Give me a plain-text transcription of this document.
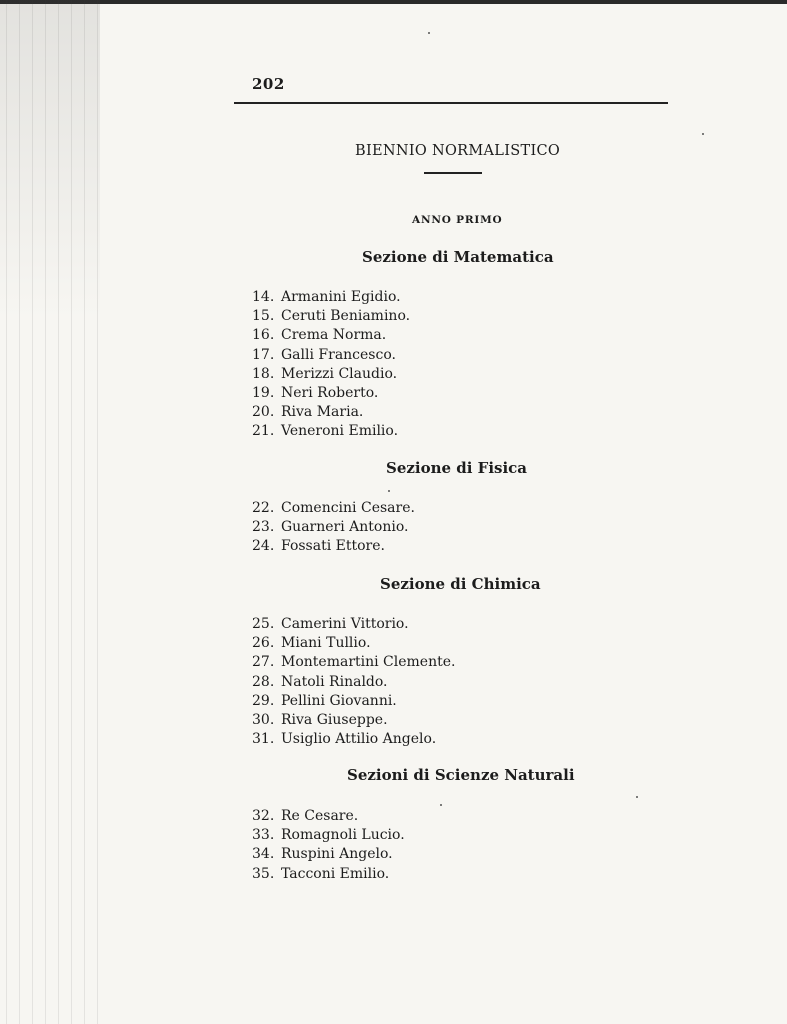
202
BIENNIO NORMALISTICO
ANNO PRIMO
Sezione di Matematica
14. Armanini Egidio.
15. Ceruti Beniamino.
16. Crema Norma.
17. Galli Francesco.
18. Merizzi Claudio.
19. Neri Roberto.
20. Riva Maria.
21. Veneroni Emilio.
Sezione di Fisica
22. Comencini Cesare.
23. Guarneri Antonio.
24. Fossati Ettore.
Sezione di Chimica
25. Camerini Vittorio.
26. Miani Tullio.
27. Montemartini Clemente.
28. Natoli Rinaldo.
29. Pellini Giovanni.
30. Riva Giuseppe.
31. Usiglio Attilio Angelo.
Sezioni di Scienze Naturali
32. Re Cesare.
33. Romagnoli Lucio.
34. Ruspini Angelo.
35. Tacconi Emilio.
